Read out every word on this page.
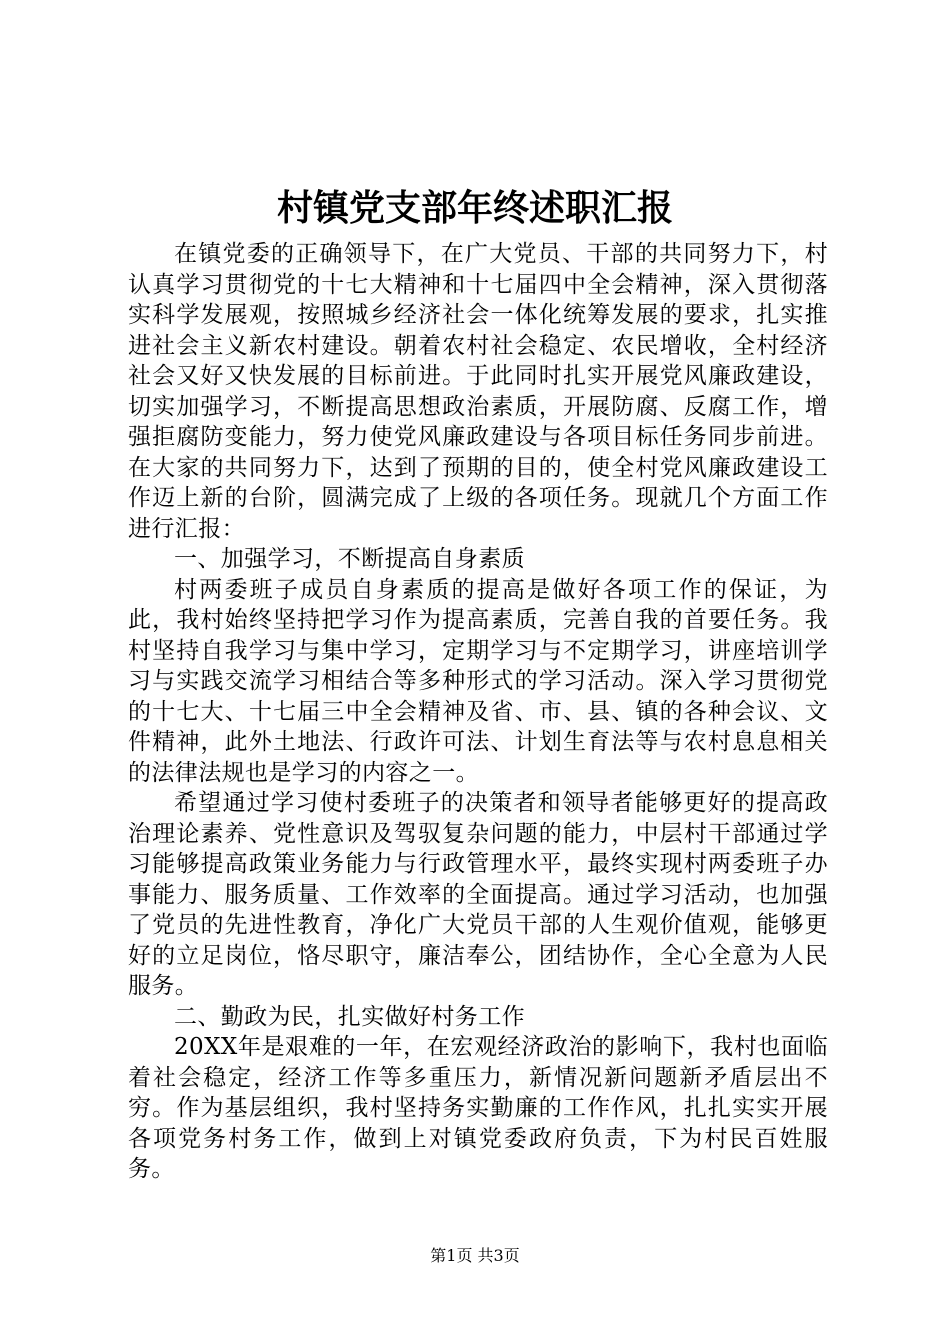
村镇党支部年终述职汇报

在镇党委的正确领导下，在广大党员、干部的共同努力下，村认真学习贯彻党的十七大精神和十七届四中全会精神，深入贯彻落实科学发展观，按照城乡经济社会一体化统筹发展的要求，扎实推进社会主义新农村建设。朝着农村社会稳定、农民增收，全村经济社会又好又快发展的目标前进。于此同时扎实开展党风廉政建设，切实加强学习，不断提高思想政治素质，开展防腐、反腐工作，增强拒腐防变能力，努力使党风廉政建设与各项目标任务同步前进。在大家的共同努力下，达到了预期的目的，使全村党风廉政建设工作迈上新的台阶，圆满完成了上级的各项任务。现就几个方面工作进行汇报：

一、加强学习，不断提高自身素质

村两委班子成员自身素质的提高是做好各项工作的保证，为此，我村始终坚持把学习作为提高素质，完善自我的首要任务。我村坚持自我学习与集中学习，定期学习与不定期学习，讲座培训学习与实践交流学习相结合等多种形式的学习活动。深入学习贯彻党的十七大、十七届三中全会精神及省、市、县、镇的各种会议、文件精神，此外土地法、行政许可法、计划生育法等与农村息息相关的法律法规也是学习的内容之一。

希望通过学习使村委班子的决策者和领导者能够更好的提高政治理论素养、党性意识及驾驭复杂问题的能力，中层村干部通过学习能够提高政策业务能力与行政管理水平，最终实现村两委班子办事能力、服务质量、工作效率的全面提高。通过学习活动，也加强了党员的先进性教育，净化广大党员干部的人生观价值观，能够更好的立足岗位，恪尽职守，廉洁奉公，团结协作，全心全意为人民服务。

二、勤政为民，扎实做好村务工作

20XX年是艰难的一年，在宏观经济政治的影响下，我村也面临着社会稳定，经济工作等多重压力，新情况新问题新矛盾层出不穷。作为基层组织，我村坚持务实勤廉的工作作风，扎扎实实开展各项党务村务工作，做到上对镇党委政府负责，下为村民百姓服务。

第1页 共3页
